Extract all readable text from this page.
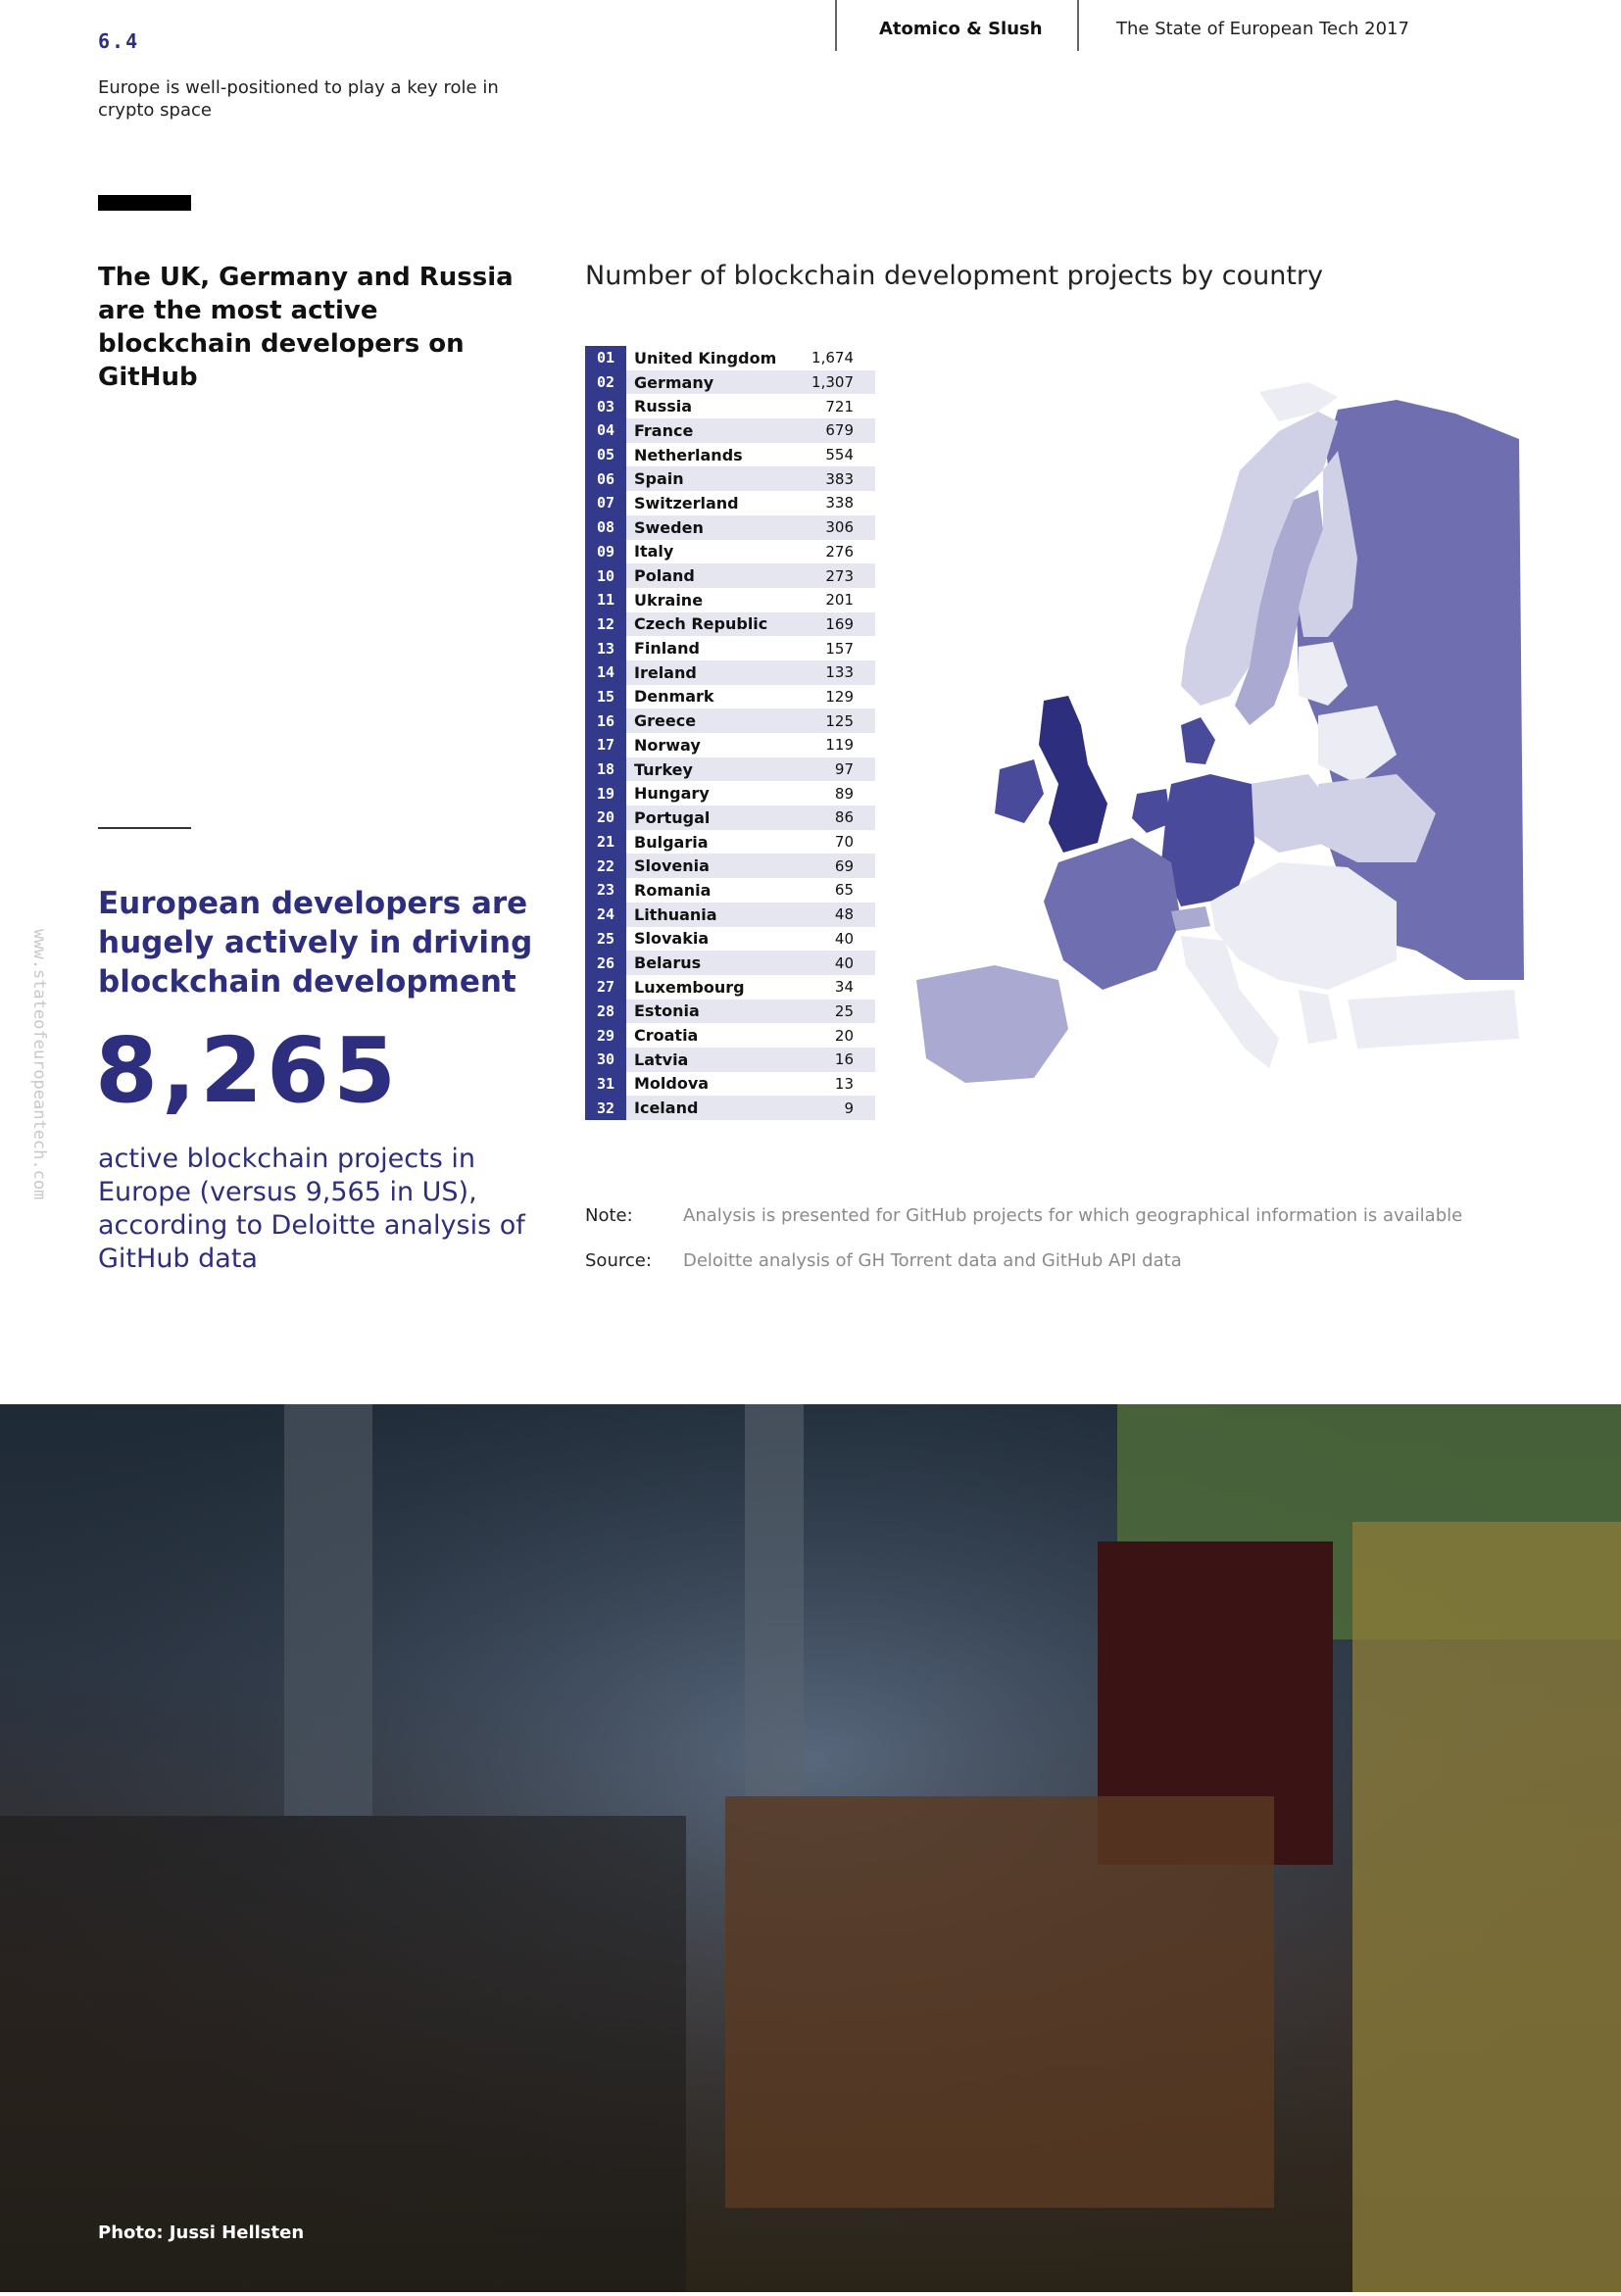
6.4
Europe is well-positioned to play a key role in crypto space
Atomico & Slush	The State of European Tech 2017
The UK, Germany and Russia are the most active blockchain developers on GitHub
European developers are hugely actively in driving blockchain development
8,265
active blockchain projects in Europe (versus 9,565 in US), according to Deloitte analysis of GitHub data
www.stateofeuropeantech.com
Number of blockchain development projects by country
01	United Kingdom	1,674
02	Germany	1,307
03	Russia	721
04	France	679
05	Netherlands	554
06	Spain	383
07	Switzerland	338
08	Sweden	306
09	Italy	276
10	Poland	273
11	Ukraine	201
12	Czech Republic	169
13	Finland	157
14	Ireland	133
15	Denmark	129
16	Greece	125
17	Norway	119
18	Turkey	97
19	Hungary	89
20	Portugal	86
21	Bulgaria	70
22	Slovenia	69
23	Romania	65
24	Lithuania	48
25	Slovakia	40
26	Belarus	40
27	Luxembourg	34
28	Estonia	25
29	Croatia	20
30	Latvia	16
31	Moldova	13
32	Iceland	9
Note:	Analysis is presented for GitHub projects for which geographical information is available
Source: Deloitte analysis of GH Torrent data and GitHub API data
Photo: Jussi Hellsten
